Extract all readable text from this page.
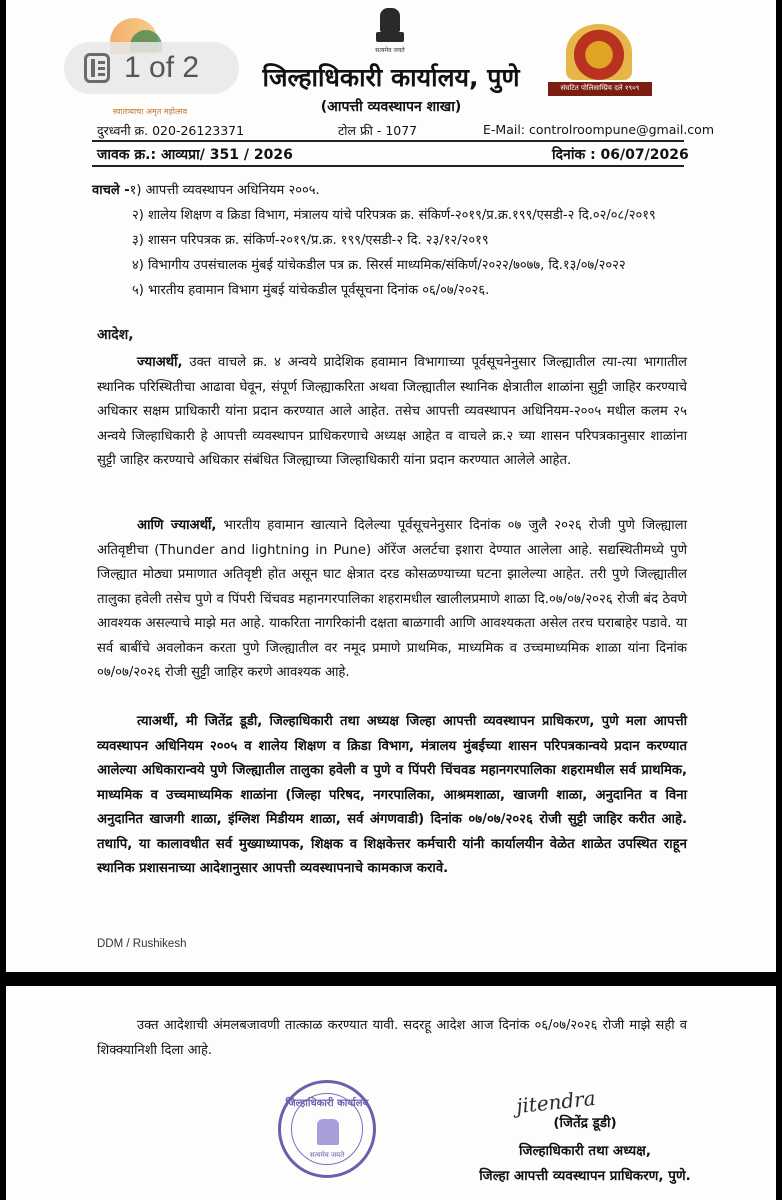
स्वातंत्र्याचा अमृत महोत्सव
1 of 2
सत्यमेव जयते
संघटित पोलिसाम्प्रिय दले १९०९
जिल्हाधिकारी कार्यालय, पुणे
(आपत्ती व्यवस्थापन शाखा)
दुरध्वनी क्र. 020-26123371	टोल फ्री - 1077	E-Mail: controlroompune@gmail.com
जावक क्र.: आव्यप्रा/ 351 / 2026	दिनांक : 06/07/2026
वाचले -१) आपत्ती व्यवस्थापन अधिनियम २००५.
२) शालेय शिक्षण व क्रिडा विभाग, मंत्रालय यांचे परिपत्रक क्र. संकिर्ण-२०१९/प्र.क्र.१९९/एसडी-२ दि.०२/०८/२०१९
३) शासन परिपत्रक क्र. संकिर्ण-२०१९/प्र.क्र. १९९/एसडी-२ दि. २३/१२/२०१९
४) विभागीय उपसंचालक मुंबई यांचेकडील पत्र क्र. सिरर्स माध्यमिक/संकिर्ण/२०२२/७०७७, दि.१३/०७/२०२२
५) भारतीय हवामान विभाग मुंबई यांचेकडील पूर्वसूचना दिनांक ०६/०७/२०२६.
आदेश,
ज्याअर्थी, उक्त वाचले क्र. ४ अन्वये प्रादेशिक हवामान विभागाच्या पूर्वसूचनेनुसार जिल्ह्यातील त्या-त्या भागातील स्थानिक परिस्थितीचा आढावा घेवून, संपूर्ण जिल्ह्याकरिता अथवा जिल्ह्यातील स्थानिक क्षेत्रातील शाळांना सुट्टी जाहिर करण्याचे अधिकार सक्षम प्राधिकारी यांना प्रदान करण्यात आले आहेत. तसेच आपत्ती व्यवस्थापन अधिनियम-२००५ मधील कलम २५ अन्वये जिल्हाधिकारी हे आपत्ती व्यवस्थापन प्राधिकरणाचे अध्यक्ष आहेत व वाचले क्र.२ च्या शासन परिपत्रकानुसार शाळांना सुट्टी जाहिर करण्याचे अधिकार संबंधित जिल्ह्याच्या जिल्हाधिकारी यांना प्रदान करण्यात आलेले आहेत.
आणि ज्याअर्थी, भारतीय हवामान खात्याने दिलेल्या पूर्वसूचनेनुसार दिनांक ०७ जुलै २०२६ रोजी पुणे जिल्ह्याला अतिवृष्टीचा (Thunder and lightning in Pune) ऑरेंज अलर्टचा इशारा देण्यात आलेला आहे. सद्यस्थितीमध्ये पुणे जिल्ह्यात मोठ्या प्रमाणात अतिवृष्टी होत असून घाट क्षेत्रात दरड कोसळण्याच्या घटना झालेल्या आहेत. तरी पुणे जिल्ह्यातील तालुका हवेली तसेच पुणे व पिंपरी चिंचवड महानगरपालिका शहरामधील खालीलप्रमाणे शाळा दि.०७/०७/२०२६ रोजी बंद ठेवणे आवश्यक असल्याचे माझे मत आहे. याकरिता नागरिकांनी दक्षता बाळगावी आणि आवश्यकता असेल तरच घराबाहेर पडावे. या सर्व बाबींचे अवलोकन करता पुणे जिल्ह्यातील वर नमूद प्रमाणे प्राथमिक, माध्यमिक व उच्चमाध्यमिक शाळा यांना दिनांक ०७/०७/२०२६ रोजी सुट्टी जाहिर करणे आवश्यक आहे.
त्याअर्थी, मी जितेंद्र डूडी, जिल्हाधिकारी तथा अध्यक्ष जिल्हा आपत्ती व्यवस्थापन प्राधिकरण, पुणे मला आपत्ती व्यवस्थापन अधिनियम २००५ व शालेय शिक्षण व क्रिडा विभाग, मंत्रालय मुंबईच्या शासन परिपत्रकान्वये प्रदान करण्यात आलेल्या अधिकारान्वये पुणे जिल्ह्यातील तालुका हवेली व पुणे व पिंपरी चिंचवड महानगरपालिका शहरामधील सर्व प्राथमिक, माध्यमिक व उच्चमाध्यमिक शाळांना (जिल्हा परिषद, नगरपालिका, आश्रमशाळा, खाजगी शाळा, अनुदानित व विना अनुदानित खाजगी शाळा, इंग्लिश मिडीयम शाळा, सर्व अंगणवाडी) दिनांक ०७/०७/२०२६ रोजी सुट्टी जाहिर करीत आहे. तथापि, या कालावधीत सर्व मुख्याध्यापक, शिक्षक व शिक्षकेत्तर कर्मचारी यांनी कार्यालयीन वेळेत शाळेत उपस्थित राहून स्थानिक प्रशासनाच्या आदेशानुसार आपत्ती व्यवस्थापनाचे कामकाज करावे.
DDM / Rushikesh
उक्त आदेशाची अंमलबजावणी तात्काळ करण्यात यावी. सदरहू आदेश आज दिनांक ०६/०७/२०२६ रोजी माझे सही व शिक्क्यानिशी दिला आहे.
जिल्हाधिकारी कार्यालय
सत्यमेव जयते
jitendra
(जितेंद्र डूडी)
जिल्हाधिकारी तथा अध्यक्ष,
जिल्हा आपत्ती व्यवस्थापन प्राधिकरण, पुणे.
